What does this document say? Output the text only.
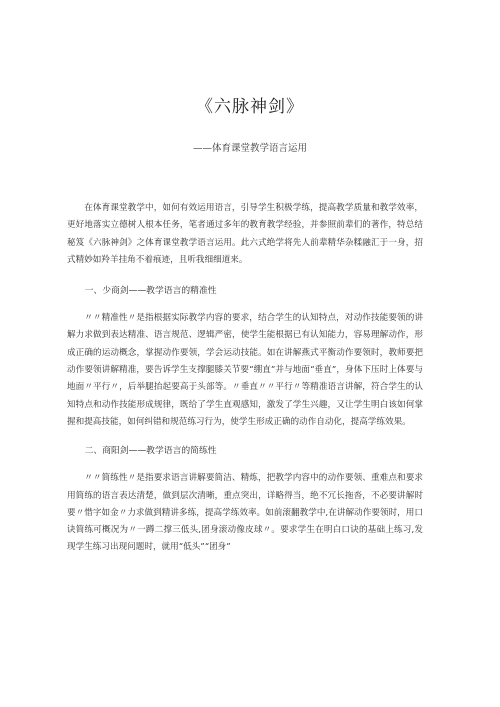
《六脉神剑》
——体育课堂教学语言运用

在体育课堂教学中，如何有效运用语言，引导学生积极学练，提高教学质量和教学效率，更好地落实立德树人根本任务，笔者通过多年的教育教学经验，并参照前辈们的著作，特总结秘笈《六脉神剑》之体育课堂教学语言运用。此六式绝学将先人前辈精华杂糅融汇于一身，招式精妙如羚羊挂角不着痕迹，且听我细细道来。

一、少商剑——教学语言的精准性

〃〃精准性〃是指根据实际教学内容的要求，结合学生的认知特点，对动作技能要领的讲解力求做到表达精准、语言规范、逻辑严密，使学生能根据已有认知能力，容易理解动作，形成正确的运动概念，掌握动作要领，学会运动技能。如在讲解燕式平衡动作要领时，教师要把动作要领讲解精准，要告诉学生支撑腿膝关节要“绷直”并与地面“垂直”，身体下压时上体要与地面〃平行〃，后举腿抬起要高于头部等。〃垂直〃〃平行〃等精准语言讲解，符合学生的认知特点和动作技能形成规律，既给了学生直观感知，激发了学生兴趣，又让学生明白该如何掌握和提高技能，如何纠错和规范练习行为，使学生形成正确的动作自动化，提高学练效果。

二、商阳剑——教学语言的简练性

〃〃简练性〃是指要求语言讲解要简洁、精炼，把教学内容中的动作要领、重难点和要求用简练的语言表达清楚，做到层次清晰，重点突出，详略得当，绝不冗长拖沓，不必要讲解时要〃惜字如金〃力求做到精讲多练，提高学练效率。如前滚翻教学中,在讲解动作要领时，用口诀简练可概况为〃一蹲二撑三低头,团身滚动像皮球〃。要求学生在明白口诀的基础上练习,发现学生练习出现问题时，就用“低头”“团身”
